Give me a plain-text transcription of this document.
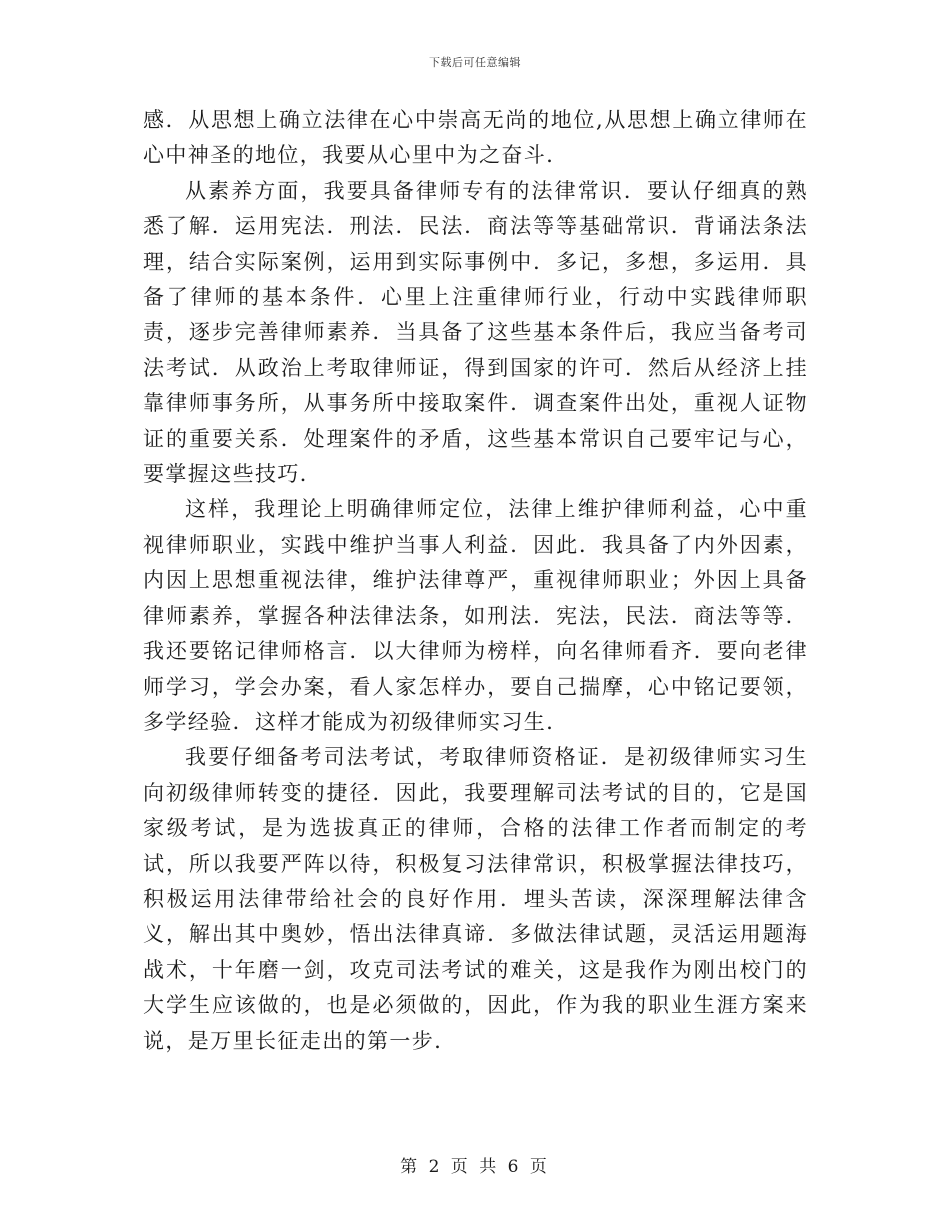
下载后可任意编辑

感．从思想上确立法律在心中崇高无尚的地位,从思想上确立律师在心中神圣的地位，我要从心里中为之奋斗．

从素养方面，我要具备律师专有的法律常识．要认仔细真的熟悉了解．运用宪法．刑法．民法．商法等等基础常识．背诵法条法理，结合实际案例，运用到实际事例中．多记，多想，多运用．具备了律师的基本条件．心里上注重律师行业，行动中实践律师职责，逐步完善律师素养．当具备了这些基本条件后，我应当备考司法考试．从政治上考取律师证，得到国家的许可．然后从经济上挂靠律师事务所，从事务所中接取案件．调查案件出处，重视人证物证的重要关系．处理案件的矛盾，这些基本常识自己要牢记与心，要掌握这些技巧．

这样，我理论上明确律师定位，法律上维护律师利益，心中重视律师职业，实践中维护当事人利益．因此．我具备了内外因素，内因上思想重视法律，维护法律尊严，重视律师职业；外因上具备律师素养，掌握各种法律法条，如刑法．宪法，民法．商法等等．我还要铭记律师格言．以大律师为榜样，向名律师看齐．要向老律师学习，学会办案，看人家怎样办，要自己揣摩，心中铭记要领，多学经验．这样才能成为初级律师实习生．

我要仔细备考司法考试，考取律师资格证．是初级律师实习生向初级律师转变的捷径．因此，我要理解司法考试的目的，它是国家级考试，是为选拔真正的律师，合格的法律工作者而制定的考试，所以我要严阵以待，积极复习法律常识，积极掌握法律技巧，积极运用法律带给社会的良好作用．埋头苦读，深深理解法律含义，解出其中奥妙，悟出法律真谛．多做法律试题，灵活运用题海战术，十年磨一剑，攻克司法考试的难关，这是我作为刚出校门的大学生应该做的，也是必须做的，因此，作为我的职业生涯方案来说，是万里长征走出的第一步．

第 2 页 共 6 页
